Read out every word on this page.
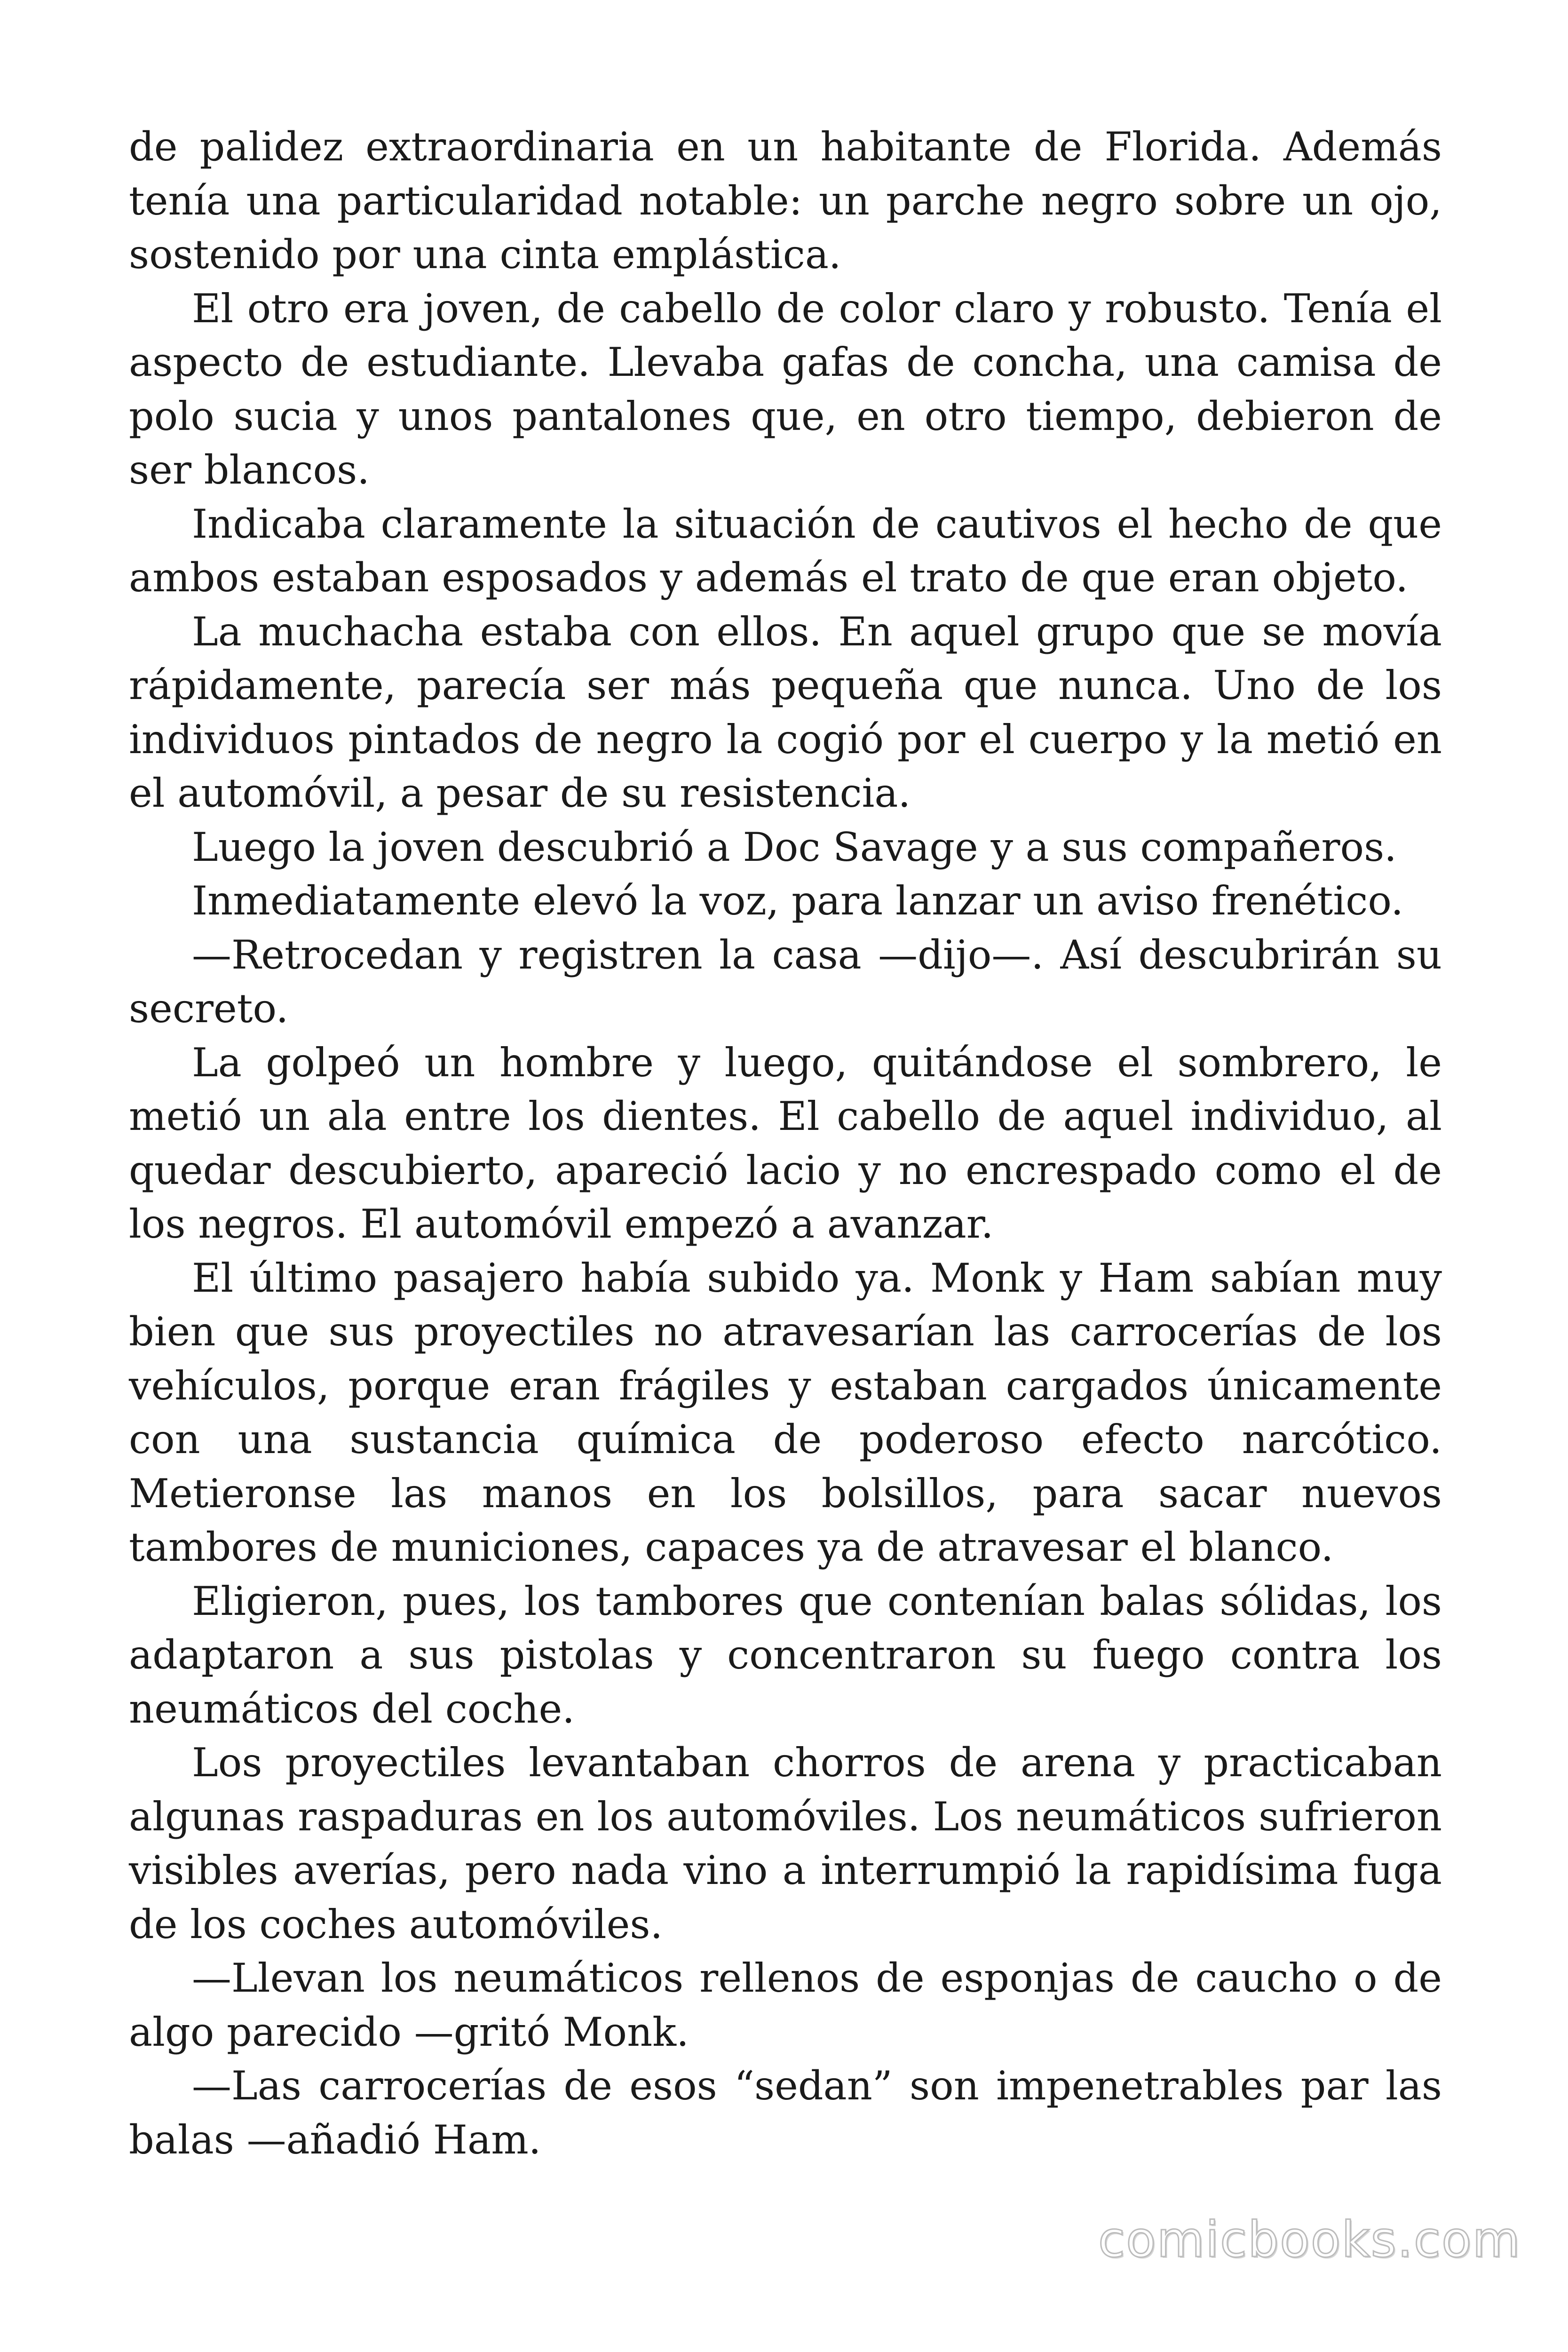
de palidez extraordinaria en un habitante de Florida. Además tenía una particularidad notable: un parche negro sobre un ojo, sostenido por una cinta emplástica.

El otro era joven, de cabello de color claro y robusto. Tenía el aspecto de estudiante. Llevaba gafas de concha, una camisa de polo sucia y unos pantalones que, en otro tiempo, debieron de ser blancos.

Indicaba claramente la situación de cautivos el hecho de que ambos estaban esposados y además el trato de que eran objeto.

La muchacha estaba con ellos. En aquel grupo que se movía rápidamente, parecía ser más pequeña que nunca. Uno de los individuos pintados de negro la cogió por el cuerpo y la metió en el automóvil, a pesar de su resistencia.

Luego la joven descubrió a Doc Savage y a sus compañeros.

Inmediatamente elevó la voz, para lanzar un aviso frenético.

—Retrocedan y registren la casa —dijo—. Así descubrirán su secreto.

La golpeó un hombre y luego, quitándose el sombrero, le metió un ala entre los dientes. El cabello de aquel individuo, al quedar descubierto, apareció lacio y no encrespado como el de los negros. El automóvil empezó a avanzar.

El último pasajero había subido ya. Monk y Ham sabían muy bien que sus proyectiles no atravesarían las carrocerías de los vehículos, porque eran frágiles y estaban cargados únicamente con una sustancia química de poderoso efecto narcótico. Metieronse las manos en los bolsillos, para sacar nuevos tambores de municiones, capaces ya de atravesar el blanco.

Eligieron, pues, los tambores que contenían balas sólidas, los adaptaron a sus pistolas y concentraron su fuego contra los neumáticos del coche.

Los proyectiles levantaban chorros de arena y practicaban algunas raspaduras en los automóviles. Los neumáticos sufrieron visibles averías, pero nada vino a interrumpió la rapidísima fuga de los coches automóviles.

—Llevan los neumáticos rellenos de esponjas de caucho o de algo parecido —gritó Monk.

—Las carrocerías de esos “sedan” son impenetrables par las balas —añadió Ham.

comicbooks.com
